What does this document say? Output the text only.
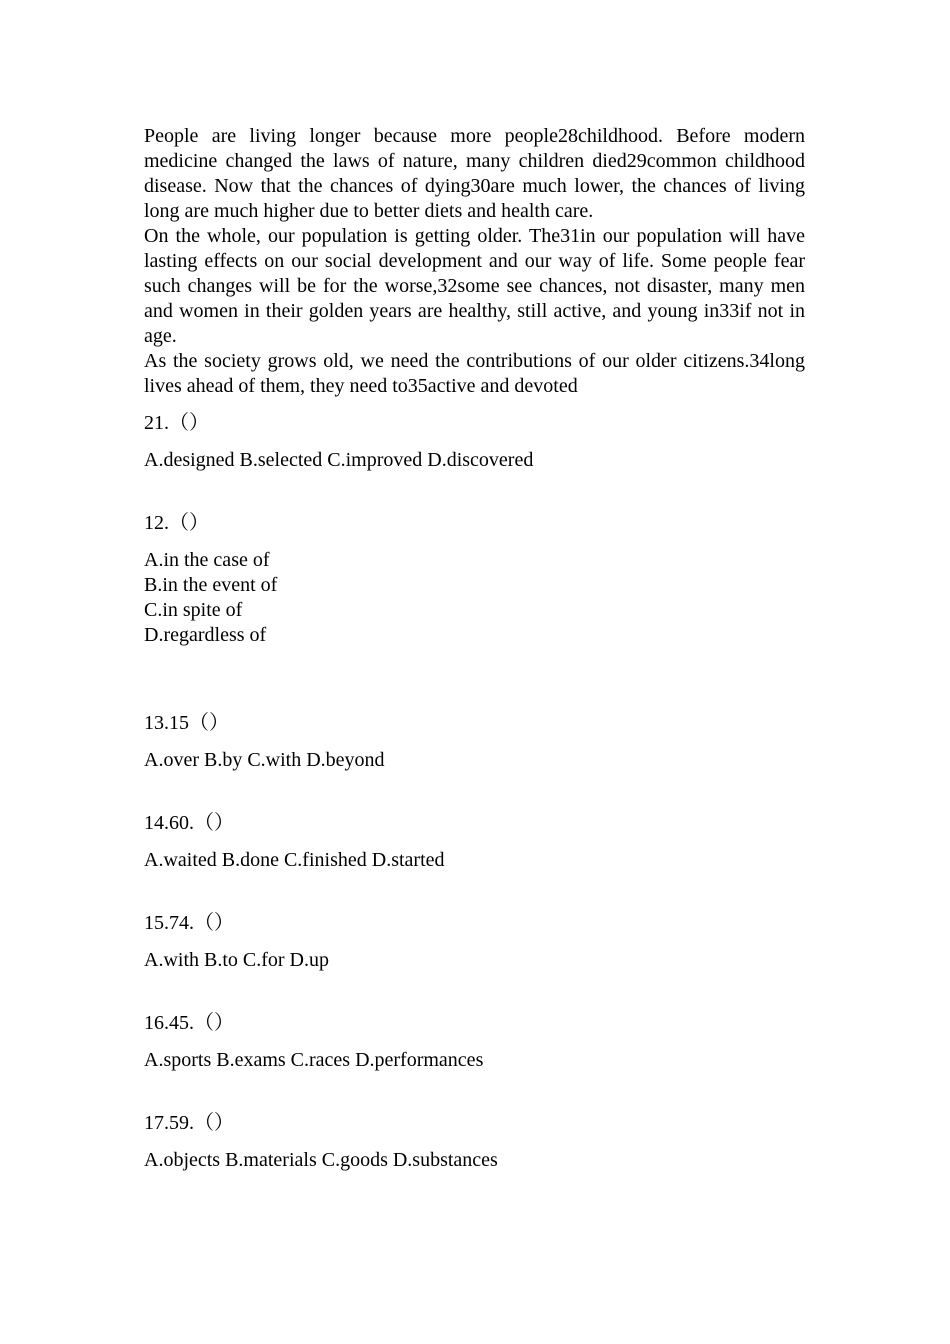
People are living longer because more people28childhood. Before modern medicine changed the laws of nature, many children died29common childhood disease. Now that the chances of dying30are much lower, the chances of living long are much higher due to better diets and health care.

On the whole, our population is getting older. The31in our population will have lasting effects on our social development and our way of life. Some people fear such changes will be for the worse,32some see chances, not disaster, many men and women in their golden years are healthy, still active, and young in33if not in age.

As the society grows old, we need the contributions of our older citizens.34long lives ahead of them, they need to35active and devoted

21.（）
A.designed B.selected C.improved D.discovered
12.（）
A.in the case of
B.in the event of
C.in spite of
D.regardless of
13.15（）
A.over B.by C.with D.beyond
14.60.（）
A.waited B.done C.finished D.started
15.74.（）
A.with B.to C.for D.up
16.45.（）
A.sports B.exams C.races D.performances
17.59.（）
A.objects B.materials C.goods D.substances
